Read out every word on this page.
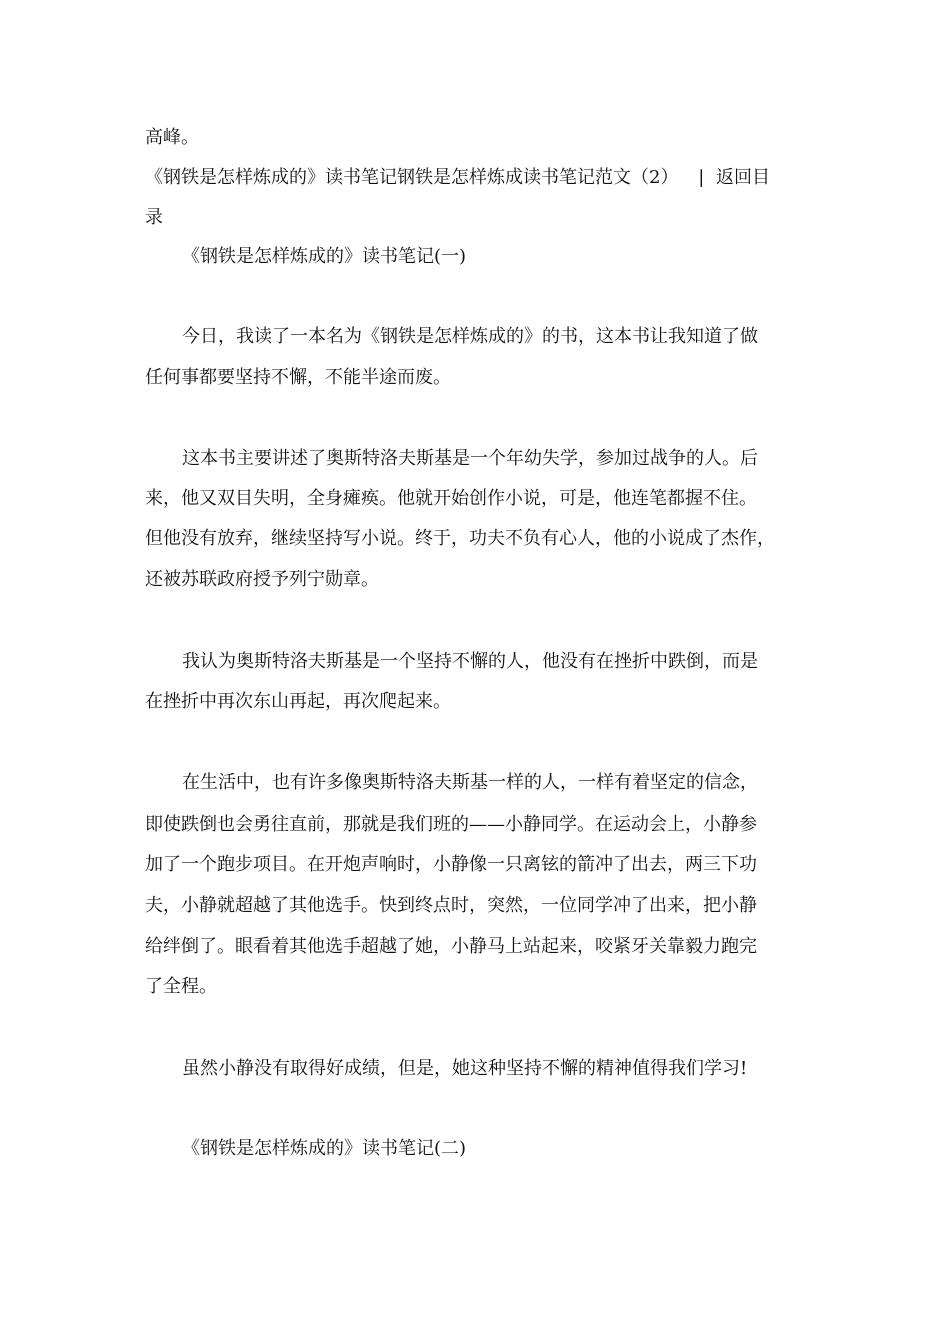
高峰。
《钢铁是怎样炼成的》读书笔记钢铁是怎样炼成读书笔记范文（2） | 返回目
录
《钢铁是怎样炼成的》读书笔记(一)
今日，我读了一本名为《钢铁是怎样炼成的》的书，这本书让我知道了做
任何事都要坚持不懈，不能半途而废。
这本书主要讲述了奥斯特洛夫斯基是一个年幼失学，参加过战争的人。后
来，他又双目失明，全身瘫痪。他就开始创作小说，可是，他连笔都握不住。
但他没有放弃，继续坚持写小说。终于，功夫不负有心人，他的小说成了杰作，
还被苏联政府授予列宁勋章。
我认为奥斯特洛夫斯基是一个坚持不懈的人，他没有在挫折中跌倒，而是
在挫折中再次东山再起，再次爬起来。
在生活中，也有许多像奥斯特洛夫斯基一样的人，一样有着坚定的信念，
即使跌倒也会勇往直前，那就是我们班的——小静同学。在运动会上，小静参
加了一个跑步项目。在开炮声响时，小静像一只离铉的箭冲了出去，两三下功
夫，小静就超越了其他选手。快到终点时，突然，一位同学冲了出来，把小静
给绊倒了。眼看着其他选手超越了她，小静马上站起来，咬紧牙关靠毅力跑完
了全程。
虽然小静没有取得好成绩，但是，她这种坚持不懈的精神值得我们学习!
《钢铁是怎样炼成的》读书笔记(二)
